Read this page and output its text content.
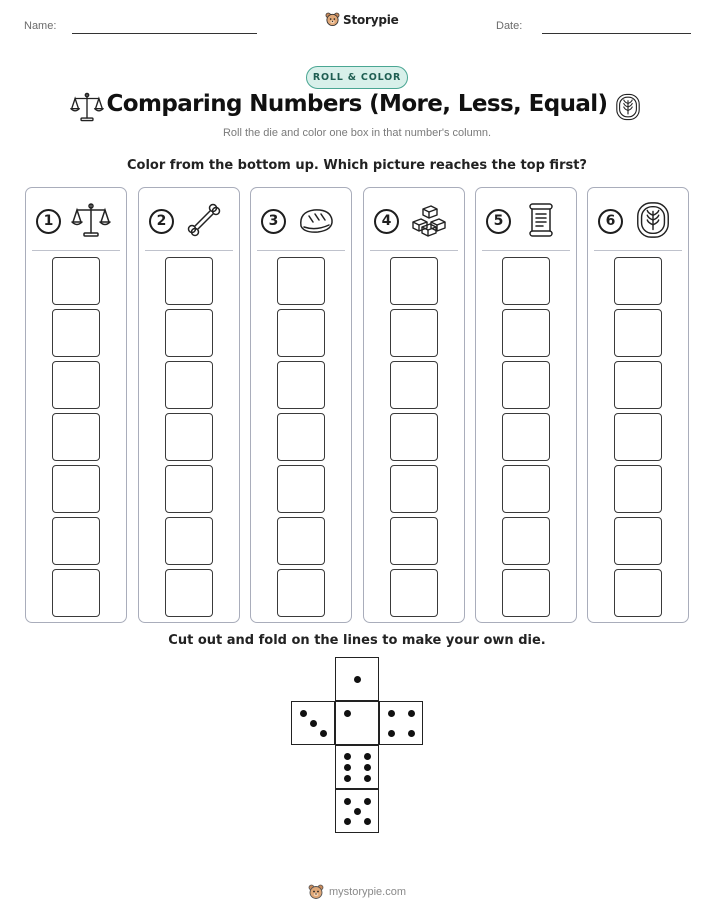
Name:	Storypie	Date:
ROLL & COLOR
Comparing Numbers (More, Less, Equal)
Roll the die and color one box in that number's column.
Color from the bottom up. Which picture reaches the top first?
1	2	3	4	5	6
Cut out and fold on the lines to make your own die.
mystorypie.com
